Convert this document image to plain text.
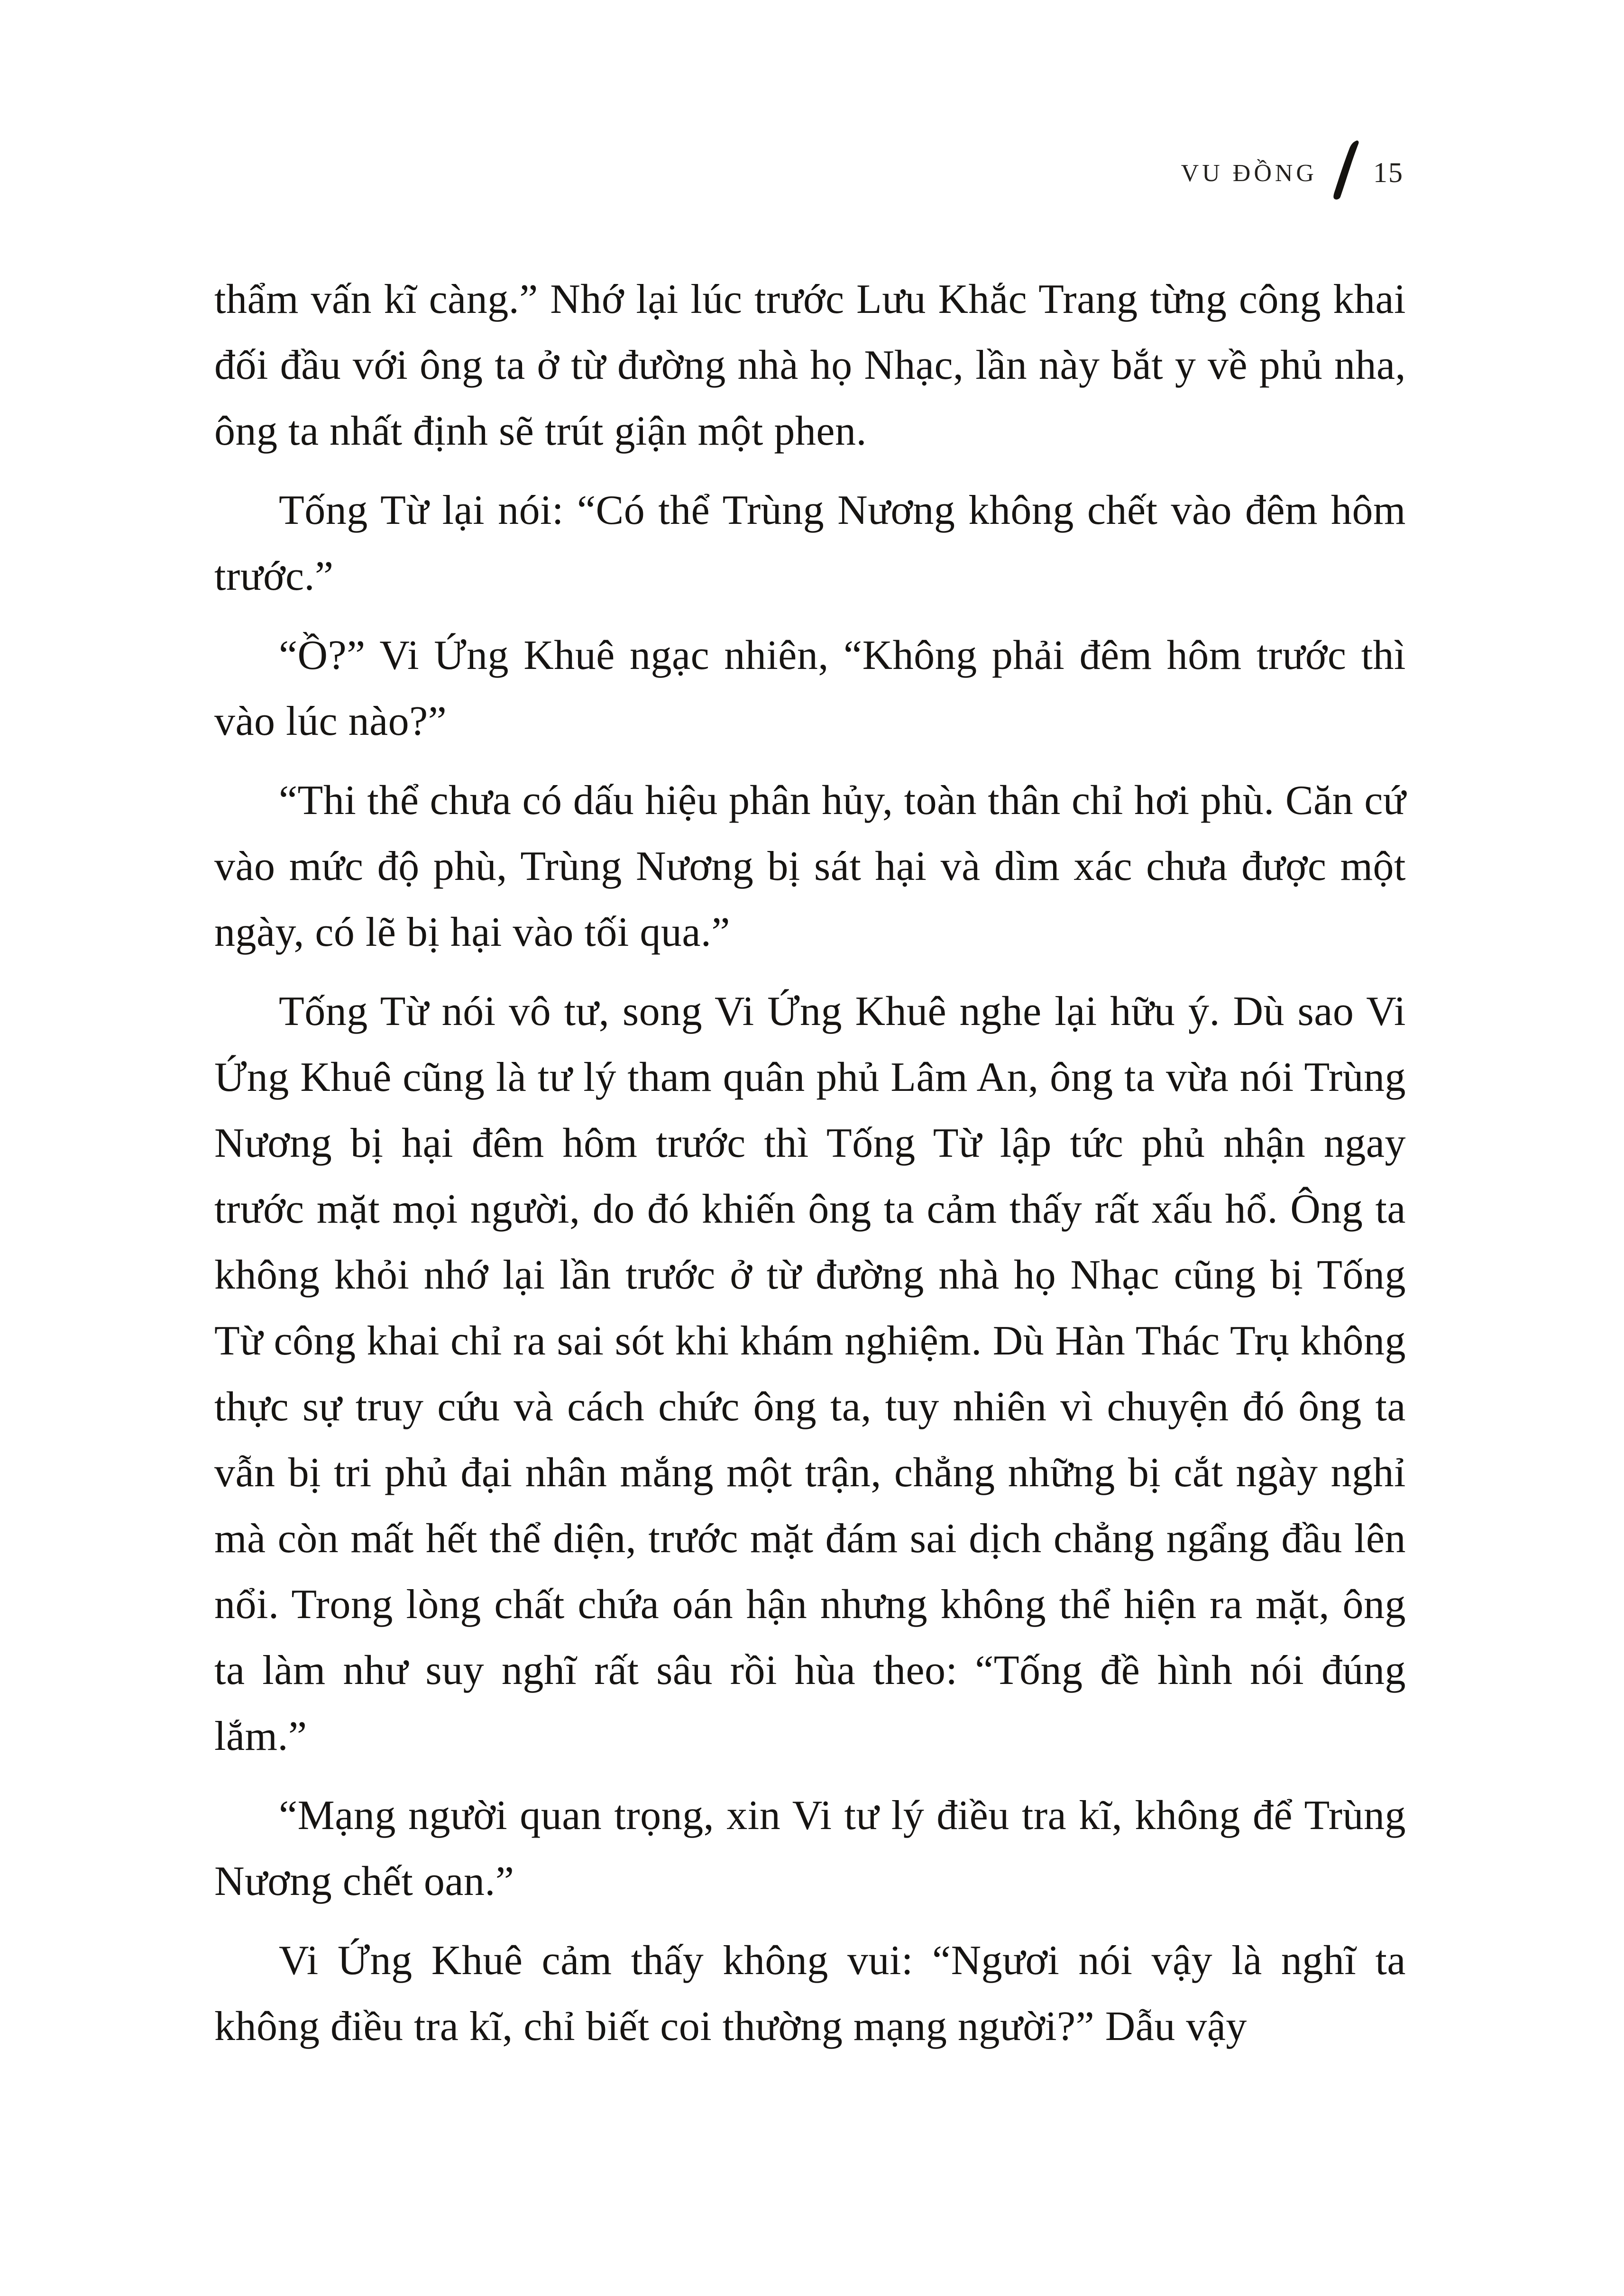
VU ĐỒNG 15

thẩm vấn kĩ càng.” Nhớ lại lúc trước Lưu Khắc Trang từng công khai đối đầu với ông ta ở từ đường nhà họ Nhạc, lần này bắt y về phủ nha, ông ta nhất định sẽ trút giận một phen.

Tống Từ lại nói: “Có thể Trùng Nương không chết vào đêm hôm trước.”

“Ồ?” Vi Ứng Khuê ngạc nhiên, “Không phải đêm hôm trước thì vào lúc nào?”

“Thi thể chưa có dấu hiệu phân hủy, toàn thân chỉ hơi phù. Căn cứ vào mức độ phù, Trùng Nương bị sát hại và dìm xác chưa được một ngày, có lẽ bị hại vào tối qua.”

Tống Từ nói vô tư, song Vi Ứng Khuê nghe lại hữu ý. Dù sao Vi Ứng Khuê cũng là tư lý tham quân phủ Lâm An, ông ta vừa nói Trùng Nương bị hại đêm hôm trước thì Tống Từ lập tức phủ nhận ngay trước mặt mọi người, do đó khiến ông ta cảm thấy rất xấu hổ. Ông ta không khỏi nhớ lại lần trước ở từ đường nhà họ Nhạc cũng bị Tống Từ công khai chỉ ra sai sót khi khám nghiệm. Dù Hàn Thác Trụ không thực sự truy cứu và cách chức ông ta, tuy nhiên vì chuyện đó ông ta vẫn bị tri phủ đại nhân mắng một trận, chẳng những bị cắt ngày nghỉ mà còn mất hết thể diện, trước mặt đám sai dịch chẳng ngẩng đầu lên nổi. Trong lòng chất chứa oán hận nhưng không thể hiện ra mặt, ông ta làm như suy nghĩ rất sâu rồi hùa theo: “Tống đề hình nói đúng lắm.”

“Mạng người quan trọng, xin Vi tư lý điều tra kĩ, không để Trùng Nương chết oan.”

Vi Ứng Khuê cảm thấy không vui: “Ngươi nói vậy là nghĩ ta không điều tra kĩ, chỉ biết coi thường mạng người?” Dẫu vậy
